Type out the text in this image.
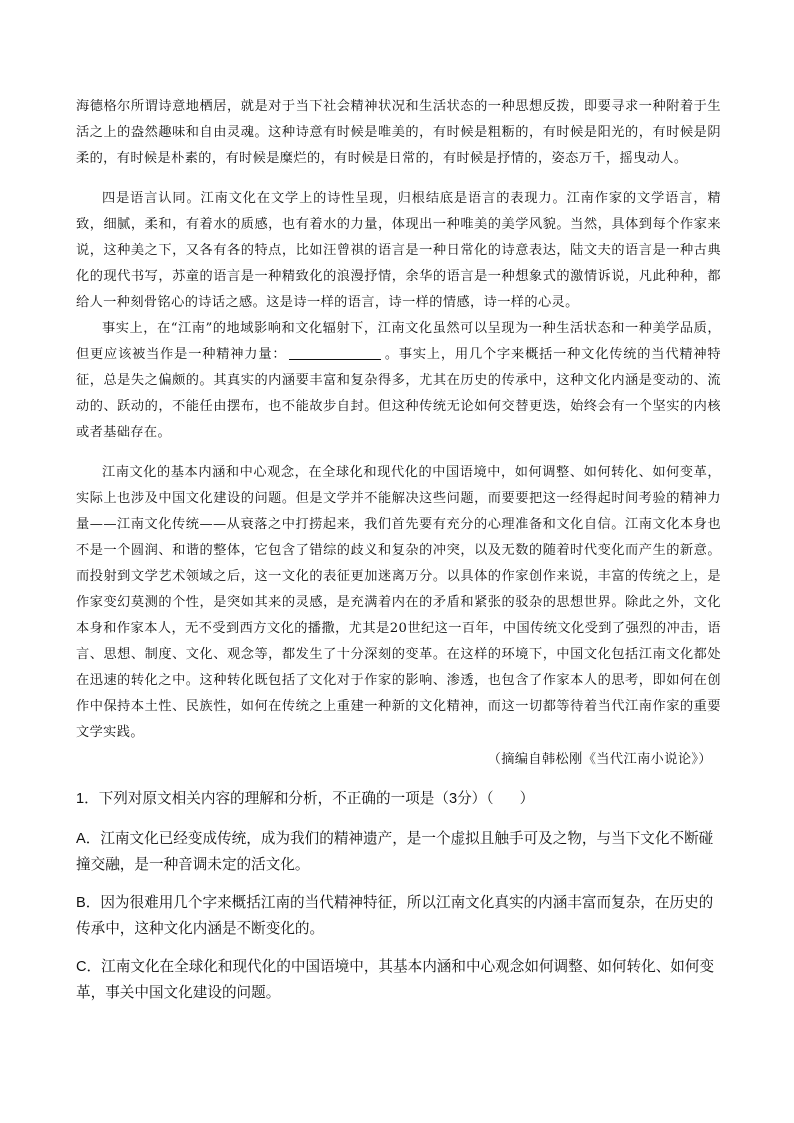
海德格尔所谓诗意地栖居，就是对于当下社会精神状况和生活状态的一种思想反拨，即要寻求一种附着于生活之上的盎然趣味和自由灵魂。这种诗意有时候是唯美的，有时候是粗粝的，有时候是阳光的，有时候是阴柔的，有时候是朴素的，有时候是糜烂的，有时候是日常的，有时候是抒情的，姿态万千，摇曳动人。
四是语言认同。江南文化在文学上的诗性呈现，归根结底是语言的表现力。江南作家的文学语言，精致，细腻，柔和，有着水的质感，也有着水的力量，体现出一种唯美的美学风貌。当然，具体到每个作家来说，这种美之下，又各有各的特点，比如汪曾祺的语言是一种日常化的诗意表达，陆文夫的语言是一种古典化的现代书写，苏童的语言是一种精致化的浪漫抒情，余华的语言是一种想象式的激情诉说，凡此种种，都给人一种刻骨铭心的诗话之感。这是诗一样的语言，诗一样的情感，诗一样的心灵。
事实上，在“江南”的地域影响和文化辐射下，江南文化虽然可以呈现为一种生活状态和一种美学品质，但更应该被当作是一种精神力量：	。事实上，用几个字来概括一种文化传统的当代精神特征，总是失之偏颇的。其真实的内涵要丰富和复杂得多，尤其在历史的传承中，这种文化内涵是变动的、流动的、跃动的，不能任由摆布，也不能故步自封。但这种传统无论如何交替更迭，始终会有一个坚实的内核或者基础存在。
江南文化的基本内涵和中心观念，在全球化和现代化的中国语境中，如何调整、如何转化、如何变革，实际上也涉及中国文化建设的问题。但是文学并不能解决这些问题，而要要把这一经得起时间考验的精神力量——江南文化传统——从衰落之中打捞起来，我们首先要有充分的心理准备和文化自信。江南文化本身也不是一个圆润、和谐的整体，它包含了错综的歧义和复杂的冲突，以及无数的随着时代变化而产生的新意。而投射到文学艺术领域之后，这一文化的表征更加迷离万分。以具体的作家创作来说，丰富的传统之上，是作家变幻莫测的个性，是突如其来的灵感，是充满着内在的矛盾和紧张的驳杂的思想世界。除此之外，文化本身和作家本人，无不受到西方文化的播撒，尤其是20世纪这一百年，中国传统文化受到了强烈的冲击，语言、思想、制度、文化、观念等，都发生了十分深刻的变革。在这样的环境下，中国文化包括江南文化都处在迅速的转化之中。这种转化既包括了文化对于作家的影响、渗透，也包含了作家本人的思考，即如何在创作中保持本土性、民族性，如何在传统之上重建一种新的文化精神，而这一切都等待着当代江南作家的重要文学实践。
（摘编自韩松刚《当代江南小说论》）
1．下列对原文相关内容的理解和分析，不正确的一项是（3分）（ ）
A．江南文化已经变成传统，成为我们的精神遗产，是一个虚拟且触手可及之物，与当下文化不断碰撞交融，是一种音调未定的活文化。
B．因为很难用几个字来概括江南的当代精神特征，所以江南文化真实的内涵丰富而复杂，在历史的传承中，这种文化内涵是不断变化的。
C．江南文化在全球化和现代化的中国语境中，其基本内涵和中心观念如何调整、如何转化、如何变革，事关中国文化建设的问题。
